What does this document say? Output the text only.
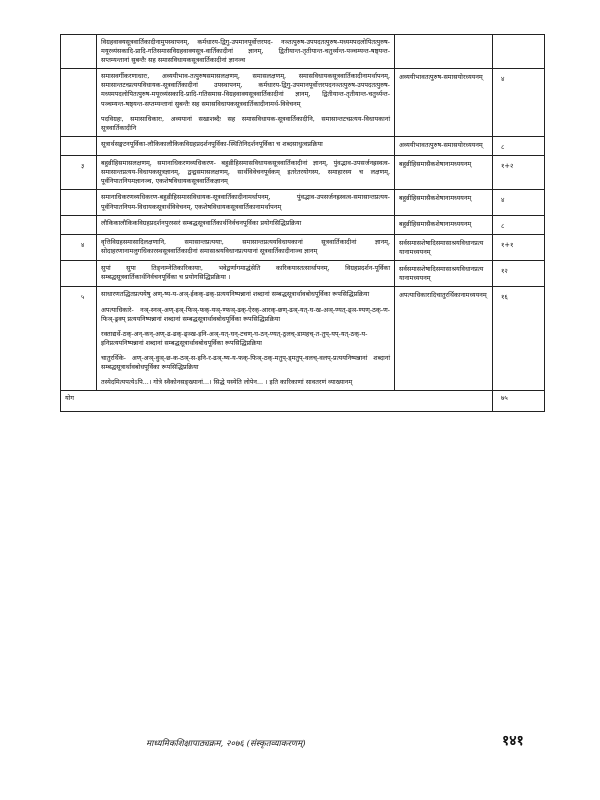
	विग्रहवाक्यसूत्रवार्तिकादीनामुपस्थापनम्, कर्मधारय-द्विगु-उपमानपूर्वोत्तरपद- नञ्तत्पुरुष-उपपदतत्पुरुष-मध्यमपदलोपितत्पुरुष-मयूरव्यंसकादि-प्रादि-गतिसमासविग्रहवाक्यसूत्र-वार्तिकादीनां ज्ञानम्, द्वितीयान्त-तृतीयान्त-चतुर्थ्यन्त-पञ्चम्यन्त-षष्ठ्यन्त-सप्तम्यन्तानां सुबन्तैः सह समासविधायकसूत्रवार्तिकादीनां ज्ञानञ्च		

	समासवर्गीकरणाधारः, अव्ययीभाव-तत्पुरुषसमासलक्षणम्, समासलक्षणम्, समासविधायकसूत्रवार्तिकादीनामर्थापनम्, समासान्तटच्प्रत्ययविधायक-सूत्रवार्तिकादीनां उपस्थापनम्, कर्मधारय-द्विगु-उपमानपूर्वोत्तरपदनञ्तत्पुरुष-उपपदतत्पुरुष-मध्यमपदलोपितत्पुरुष-मयूरव्यंसकादि-प्रादि-गतिसमास-विग्रहवाक्यसूत्रवार्तिकादीनां ज्ञानम्, द्वितीयान्त-तृतीयान्त-चतुर्थ्यन्त-पञ्चम्यन्त-षष्ठ्यन्त-सप्तम्यन्तानां सुबन्तैः सह समासविधायकसूत्रवार्तिकादीनामर्थ-विवेचनम्
पदविग्रहः, समासाधिकारः, अव्ययानां सखाशब्दैः सह समासविधायक-सूत्रवार्तिकादीनि, समासान्तटच्प्रत्यय-विधायकानां सूत्रवार्तिकादीनि	अव्ययीभावतत्पुरुष-समासयोरध्ययनम्	४

	सूत्रार्थसङ्घटनपूर्विका-लौकिकालौकिकविग्रहप्रदर्शनपूर्विका-स्थितिनिदर्शनपूर्विका च शब्दसाधुत्वप्रक्रिया	अव्ययीभावतत्पुरुष-समासयोरध्ययनम्	८
३	बहुव्रीहिसमासलक्षणम्, समानाधिकरणव्यधिकरण- बहुव्रीहिसमासविधायकसूत्रवार्तिकादीनां ज्ञानम्, पुंवद्भाव-उपसर्जनह्रस्वत्व-समासान्तप्रत्यय-विधायकसूत्रज्ञानम्, द्वन्द्वसमासलक्षणम्, सार्थविवेचनपूर्वकम् इतरेतरयोगस्य, समाहारस्य च लक्षणम्, पूर्वनिपातनियमज्ञानञ्च, एकशेषविधायकसूत्रवार्तिकज्ञानम्	बहुव्रीहिसमासैकशेषानामध्ययनम्	१+२

	समानाधिकरणव्यधिकरण-बहुव्रीहिसमासविधायक-सूत्रवार्तिकादीनामर्थापनम्, पुंवद्भाव-उपसर्जनह्रस्वत्व-समासान्तप्रत्यय-पूर्वनिपातनियम-विधायकसूत्रार्थविवेचनम्, एकशेषविधायकसूत्रवार्तिकानामर्थापनम्	बहुव्रीहिसमासैकशेषानामध्ययनम्	४

	लौकिकालौकिकविग्रहप्रदर्शनपुरस्सरं सम्बद्धसूत्रवार्तिकार्थनिर्वचनपूर्विका प्रयोगसिद्धिप्रक्रिया	बहुव्रीहिसमासैकशेषानामध्ययनम्	८
४	वृत्तिविग्रहसमासादिलक्षणानि, समासान्तप्रत्ययाः, समासान्तप्रत्ययविधायकानां सूत्रवार्तिकादीनां ज्ञानम्, सोदाहरणानामलुगधिकारस्थसूत्रवार्तिकादीनां समासाश्रयविधानप्रत्ययानां सूत्रवार्तिकादीनाञ्च ज्ञानम्	सर्वसमासशेषादिसमासाश्रयविधानप्रत्ययानामध्ययनम्	१+१

	सुपां सुपा तिङ्नाम्नेतिकारिकायाः, भवेद्वर्णागमाद्धंसेति कारिकयास्तत्सार्थापनम्, विग्रहप्रदर्शन-पूर्विका सम्बद्धसूत्रवार्तिकार्थनिर्वचनपूर्विका च प्रयोगसिद्धिप्रक्रिया ।	सर्वसमासशेषादिसमासाश्रयविधानप्रत्ययानामध्ययनम्	१२
५	साधारणतद्धितप्रत्ययेषु अण्-ष्य-य-अञ्-ईकक्-ढक्-प्रत्ययनिष्पन्नानां शब्दानां सम्बद्धसूत्रार्थावबोधपूर्विका रूपसिद्धिप्रक्रिया
अपत्याधिकारे- नञ्-स्नञ्-अण्-इञ्-फिञ्-फक्-यञ्-ण्फञ्-ढक्-ऐरक्-आरक्-छण्-ढञ्-यत्-घ-ख-अञ्-ण्यत्-ढ्ञ-ण्यण्-ठक्-ण-फिञ्-ढ्रक्प् प्रत्ययनिष्पन्नानां शब्दानां सम्बद्धसूत्रार्थावबोधपूर्विका रूपसिद्धिप्रक्रिया
रक्ताद्यर्थे-ठक्-अन्-कन्-अण्-ढ-ढक्-ढ्ञ्ख-इनि-अञ्-यत्-घन्-टचण्-घ-ठन्-ण्यत्-ठ्रलच्-डामहच्-त-तुप्-यप्-यत्-ठक्-य-इनिप्रत्ययनिष्पन्नानां शब्दानां सम्बद्धसूत्रार्थावबोधपूर्विका रूपसिद्धिप्रक्रिया
चातुरर्थिके- अण्-अञ्-वुञ्-छ-क-ठञ्-स-इनि-र-ढञ्-ष्य-य-फक्-फिञ्-ठक्-मतुप्-ड्मतुप्-वलच्-वलप्-प्रत्ययनिष्पन्नानां शब्दानां सम्बद्धसूत्रार्थावबोधपूर्विका रूपसिद्धिप्रक्रिया
तस्येदमित्यपत्येऽपि...। गोत्रे स्वैकोनसङ्ख्यानां...। सिद्धे यस्येति लोपेन... । इति कारिकाणां सावतरणं व्याख्यानम्	अपत्याधिकारादिचातुरर्थिकानामध्ययनम्	१६
योग			७५
माध्यमिकशिक्षापाठ्यक्रम, २०७६ (संस्कृतव्याकरणम्)	१४१
